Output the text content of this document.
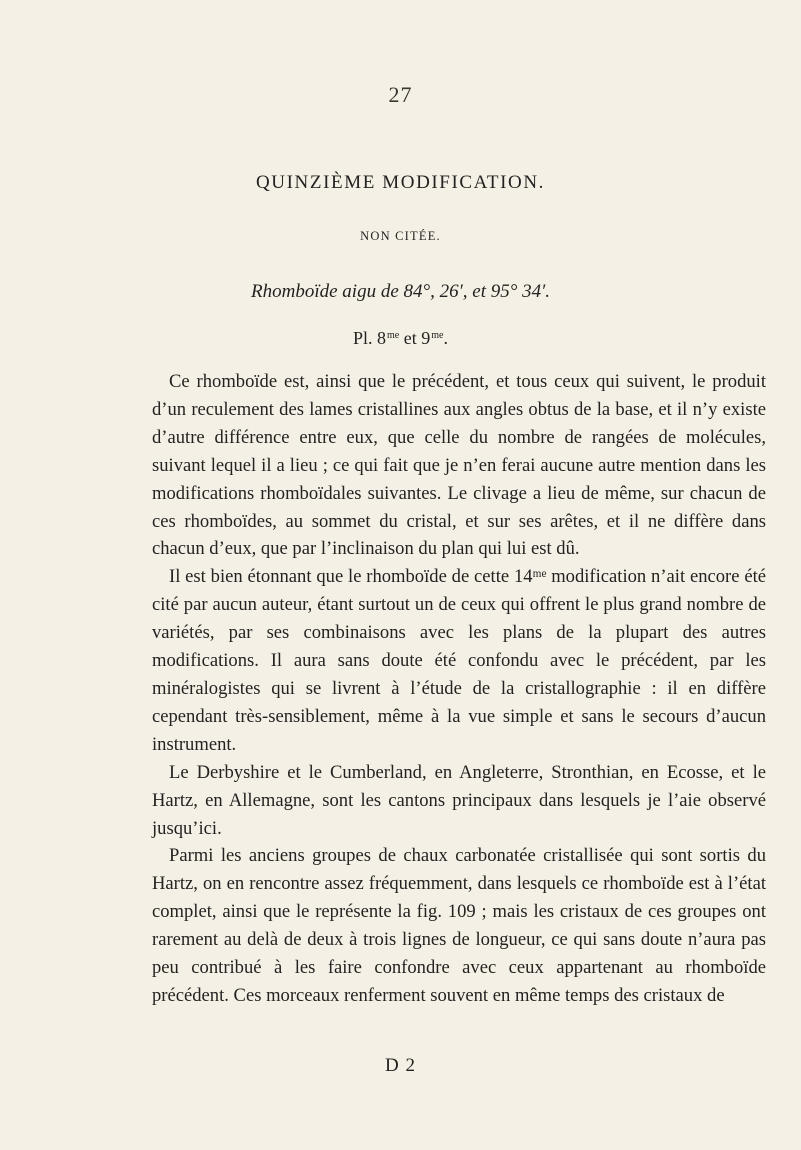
27
QUINZIÈME MODIFICATION.
NON CITÉE.
Rhomboïde aigu de 84°, 26′, et 95° 34′.
Pl. $8^{me}$ et $9^{me}$.

Ce rhomboïde est, ainsi que le précédent, et tous ceux qui suivent, le produit d’un reculement des lames cristallines aux angles obtus de la base, et il n’y existe d’autre différence entre eux, que celle du nombre de rangées de molécules, suivant lequel il a lieu ; ce qui fait que je n’en ferai aucune autre mention dans les modifications rhomboïdales suivantes. Le clivage a lieu de même, sur chacun de ces rhomboïdes, au sommet du cristal, et sur ses arêtes, et il ne diffère dans chacun d’eux, que par l’inclinaison du plan qui lui est dû.

Il est bien étonnant que le rhomboïde de cette 14ᵐᵉ modification n’ait encore été cité par aucun auteur, étant surtout un de ceux qui offrent le plus grand nombre de variétés, par ses combinaisons avec les plans de la plupart des autres modifications. Il aura sans doute été confondu avec le précédent, par les minéralogistes qui se livrent à l’étude de la cristallographie : il en diffère cependant très-sensiblement, même à la vue simple et sans le secours d’aucun instrument.

Le Derbyshire et le Cumberland, en Angleterre, Stronthian, en Ecosse, et le Hartz, en Allemagne, sont les cantons principaux dans lesquels je l’aie observé jusqu’ici.

Parmi les anciens groupes de chaux carbonatée cristallisée qui sont sortis du Hartz, on en rencontre assez fréquemment, dans lesquels ce rhomboïde est à l’état complet, ainsi que le représente la fig. 109 ; mais les cristaux de ces groupes ont rarement au delà de deux à trois lignes de longueur, ce qui sans doute n’aura pas peu contribué à les faire confondre avec ceux appartenant au rhomboïde précédent. Ces morceaux renferment souvent en même temps des cristaux de

D 2
